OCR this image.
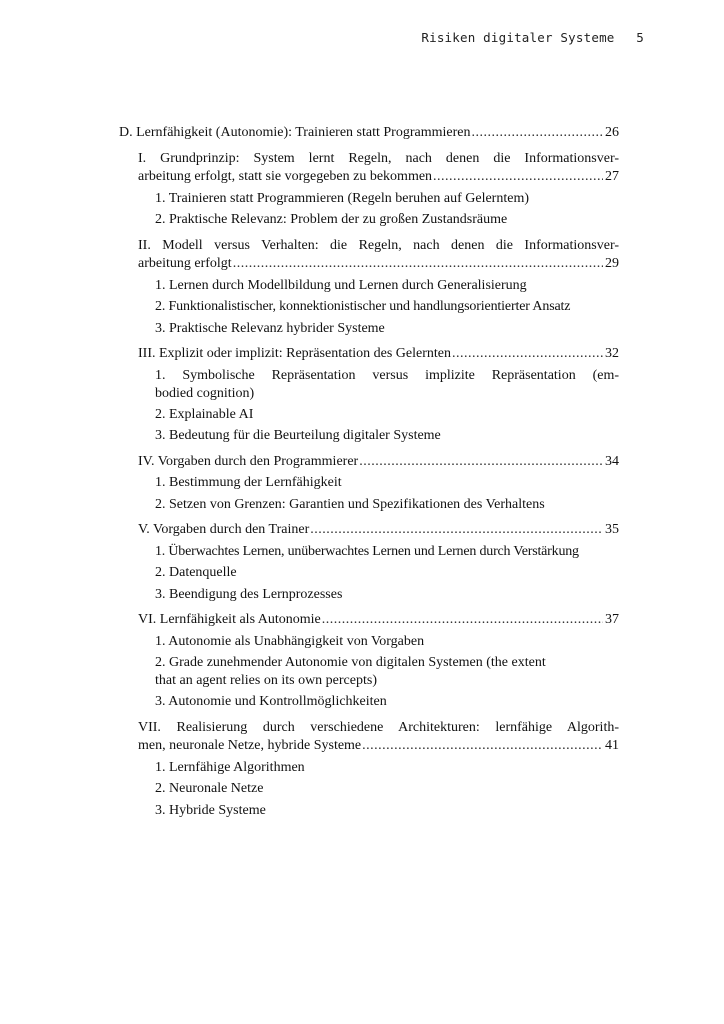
Risiken digitaler Systeme 5
D. Lernfähigkeit (Autonomie): Trainieren statt Programmieren .....	26
I. Grundprinzip: System lernt Regeln, nach denen die Informationsver-
arbeitung erfolgt, statt sie vorgegeben zu bekommen .....	27
1. Trainieren statt Programmieren (Regeln beruhen auf Gelerntem)
2. Praktische Relevanz: Problem der zu großen Zustandsräume
II. Modell versus Verhalten: die Regeln, nach denen die Informationsver-
arbeitung erfolgt .....	29
1. Lernen durch Modellbildung und Lernen durch Generalisierung
2. Funktionalistischer, konnektionistischer und handlungsorientierter Ansatz
3. Praktische Relevanz hybrider Systeme
III. Explizit oder implizit: Repräsentation des Gelernten .....	32
1. Symbolische Repräsentation versus implizite Repräsentation (em-
bodied cognition)
2. Explainable AI
3. Bedeutung für die Beurteilung digitaler Systeme
IV. Vorgaben durch den Programmierer .....	34
1. Bestimmung der Lernfähigkeit
2. Setzen von Grenzen: Garantien und Spezifikationen des Verhaltens
V. Vorgaben durch den Trainer .....	35
1. Überwachtes Lernen, unüberwachtes Lernen und Lernen durch Verstärkung
2. Datenquelle
3. Beendigung des Lernprozesses
VI. Lernfähigkeit als Autonomie .....	37
1. Autonomie als Unabhängigkeit von Vorgaben
2. Grade zunehmender Autonomie von digitalen Systemen (the extent
that an agent relies on its own percepts)
3. Autonomie und Kontrollmöglichkeiten
VII. Realisierung durch verschiedene Architekturen: lernfähige Algorith-
men, neuronale Netze, hybride Systeme .....	41
1. Lernfähige Algorithmen
2. Neuronale Netze
3. Hybride Systeme
